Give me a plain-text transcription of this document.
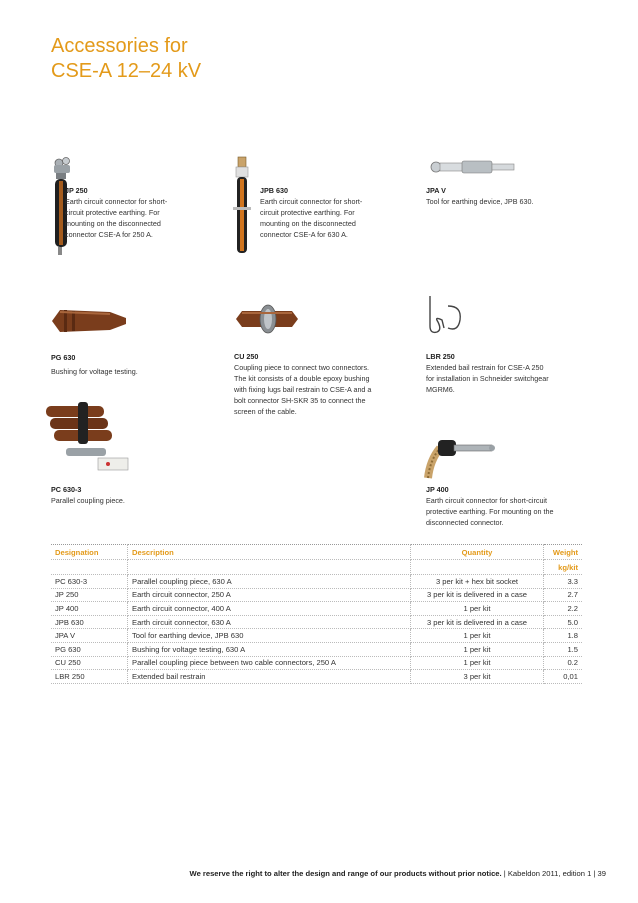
Accessories for
CSE-A 12–24 kV
JP 250
Earth circuit connector for short-
circuit protective earthing. For
mounting on the disconnected
connector CSE-A for 250 A.
JPB 630
Earth circuit connector for short-
circuit protective earthing. For
mounting on the disconnected
connector CSE-A for 630 A.
JPA V
Tool for earthing device, JPB 630.
PG 630
Bushing for voltage testing.
CU 250
Coupling piece to connect two connectors.
The kit consists of a double epoxy bushing
with fixing lugs bail restrain to CSE-A and a
bolt connector SH-SKR 35 to connect the
screen of the cable.
LBR 250
Extended bail restrain for CSE-A 250
for installation in Schneider switchgear
MGRM6.
PC 630-3
Parallel coupling piece.
JP 400
Earth circuit connector for short-circuit
protective earthing. For mounting on the
disconnected connector.
Designation	Description	Quantity	Weight
			kg/kit
PC 630-3	Parallel coupling piece, 630 A	3 per kit + hex bit socket	3.3
JP 250	Earth circuit connector, 250 A	3 per kit is delivered in a case	2.7
JP 400	Earth circuit connector, 400 A	1 per kit	2.2
JPB 630	Earth circuit connector, 630 A	3 per kit is delivered in a case	5.0
JPA V	Tool for earthing device, JPB 630	1 per kit	1.8
PG 630	Bushing for voltage testing, 630 A	1 per kit	1.5
CU 250	Parallel coupling piece between two cable connectors, 250 A	1 per kit	0.2
LBR 250	Extended bail restrain	3 per kit	0,01
We reserve the right to alter the design and range of our products without prior notice. | Kabeldon 2011, edition 1 | 39
